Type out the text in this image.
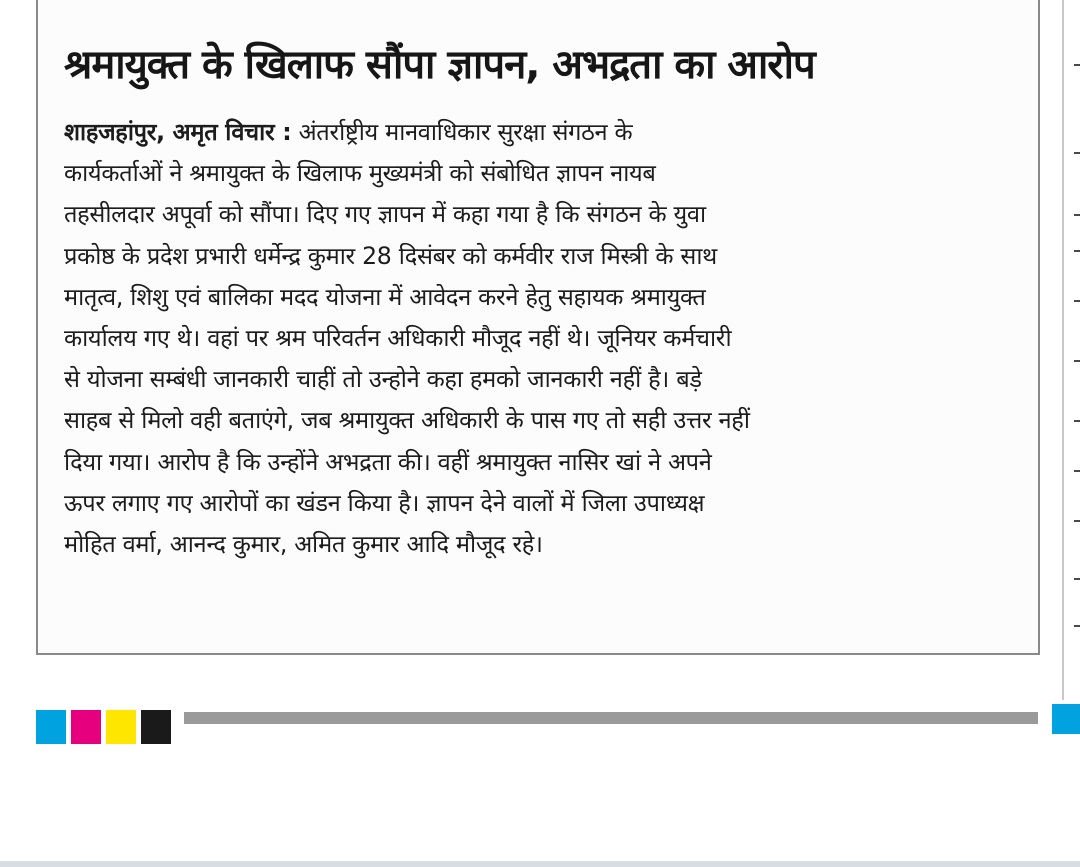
श्रमायुक्त के खिलाफ सौंपा ज्ञापन, अभद्रता का आरोप
शाहजहांपुर, अमृत विचार : अंतर्राष्ट्रीय मानवाधिकार सुरक्षा संगठन के
कार्यकर्ताओं ने श्रमायुक्त के खिलाफ मुख्यमंत्री को संबोधित ज्ञापन नायब
तहसीलदार अपूर्वा को सौंपा। दिए गए ज्ञापन में कहा गया है कि संगठन के युवा
प्रकोष्ठ के प्रदेश प्रभारी धर्मेन्द्र कुमार 28 दिसंबर को कर्मवीर राज मिस्त्री के साथ
मातृत्व, शिशु एवं बालिका मदद योजना में आवेदन करने हेतु सहायक श्रमायुक्त
कार्यालय गए थे। वहां पर श्रम परिवर्तन अधिकारी मौजूद नहीं थे। जूनियर कर्मचारी
से योजना सम्बंधी जानकारी चाहीं तो उन्होने कहा हमको जानकारी नहीं है। बड़े
साहब से मिलो वही बताएंगे, जब श्रमायुक्त अधिकारी के पास गए तो सही उत्तर नहीं
दिया गया। आरोप है कि उन्होंने अभद्रता की। वहीं श्रमायुक्त नासिर खां ने अपने
ऊपर लगाए गए आरोपों का खंडन किया है। ज्ञापन देने वालों में जिला उपाध्यक्ष
मोहित वर्मा, आनन्द कुमार, अमित कुमार आदि मौजूद रहे।
